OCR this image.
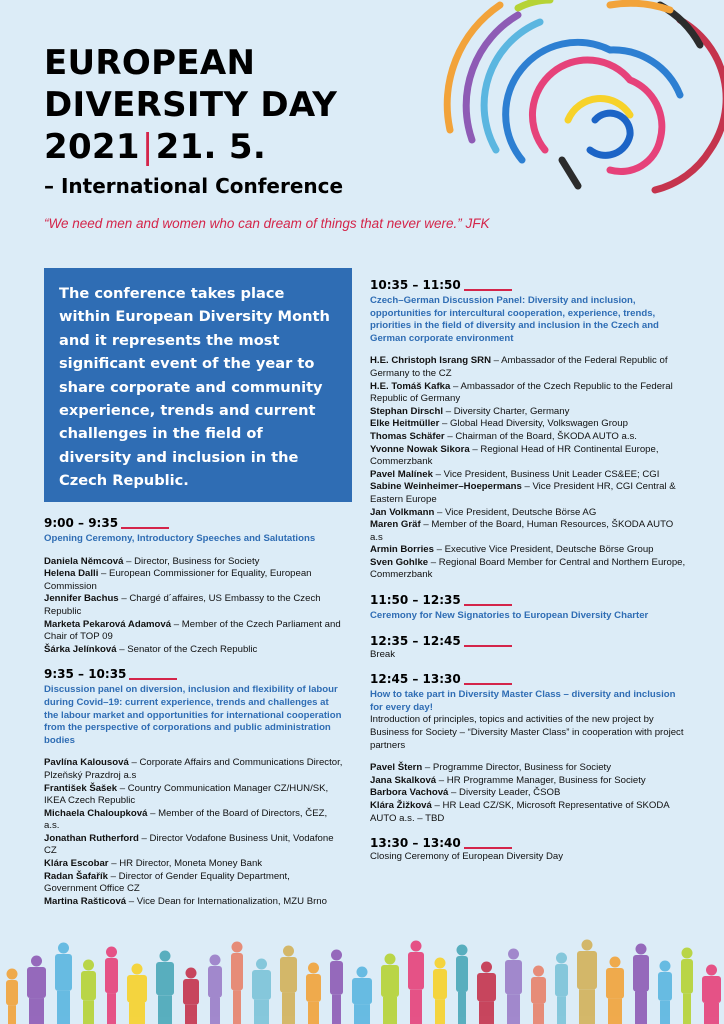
EUROPEAN
DIVERSITY DAY
2021|21. 5.
– International Conference
“We need men and women who can dream of things that never were.” JFK
The conference takes place within European Diversity Month and it represents the most significant event of the year to share corporate and community experience, trends and current challenges in the field of diversity and inclusion in the Czech Republic.
9:00 – 9:35
Opening Ceremony, Introductory Speeches and Salutations

Daniela Němcová – Director, Business for Society

Helena Dalli – European Commissioner for Equality, European Commission

Jennifer Bachus – Chargé d´affaires, US Embassy to the Czech Republic

Marketa Pekarová Adamová – Member of the Czech Parliament and Chair of TOP 09

Šárka Jelínková – Senator of the Czech Republic

9:35 – 10:35
Discussion panel on diversion, inclusion and flexibility of labour during Covid–19: current experience, trends and challenges at the labour market and opportunities for international cooperation from the perspective of corporations and public administration bodies

Pavlína Kalousová – Corporate Affairs and Communications Director, Plzeňský Prazdroj a.s

František Šašek – Country Communication Manager CZ/HUN/SK, IKEA Czech Republic

Michaela Chaloupková – Member of the Board of Directors, ČEZ, a.s.

Jonathan Rutherford – Director Vodafone Business Unit, Vodafone CZ

Klára Escobar – HR Director, Moneta Money Bank

Radan Šafařík – Director of Gender Equality Department, Government Office CZ

Martina Rašticová – Vice Dean for Internationalization, MZU Brno

10:35 – 11:50
Czech–German Discussion Panel: Diversity and inclusion, opportunities for intercultural cooperation, experience, trends, priorities in the field of diversity and inclusion in the Czech and German corporate environment

H.E. Christoph Israng SRN – Ambassador of the Federal Republic of Germany to the CZ

H.E. Tomáš Kafka – Ambassador of the Czech Republic to the Federal Republic of Germany

Stephan Dirschl – Diversity Charter, Germany

Elke Heitmüller – Global Head Diversity, Volkswagen Group

Thomas Schäfer – Chairman of the Board, ŠKODA AUTO a.s.

Yvonne Nowak Sikora – Regional Head of HR Continental Europe, Commerzbank

Pavel Malínek – Vice President, Business Unit Leader CS&EE; CGI

Sabine Weinheimer–Hoepermans – Vice President HR, CGI Central & Eastern Europe

Jan Volkmann – Vice President, Deutsche Börse AG

Maren Gräf – Member of the Board, Human Resources, ŠKODA AUTO a.s

Armin Borries – Executive Vice President, Deutsche Börse Group

Sven Gohlke – Regional Board Member for Central and Northern Europe, Commerzbank

11:50 – 12:35
Ceremony for New Signatories to European Diversity Charter
12:35 – 12:45
Break
12:45 – 13:30
How to take part in Diversity Master Class – diversity and inclusion for every day!
Introduction of principles, topics and activities of the new project by Business for Society – “Diversity Master Class” in cooperation with project partners

Pavel Štern – Programme Director, Business for Society

Jana Skalková – HR Programme Manager, Business for Society

Barbora Vachová – Diversity Leader, ČSOB

Klára Žižková – HR Lead CZ/SK, Microsoft Representative of SKODA AUTO a.s. – TBD

13:30 – 13:40
Closing Ceremony of European Diversity Day
